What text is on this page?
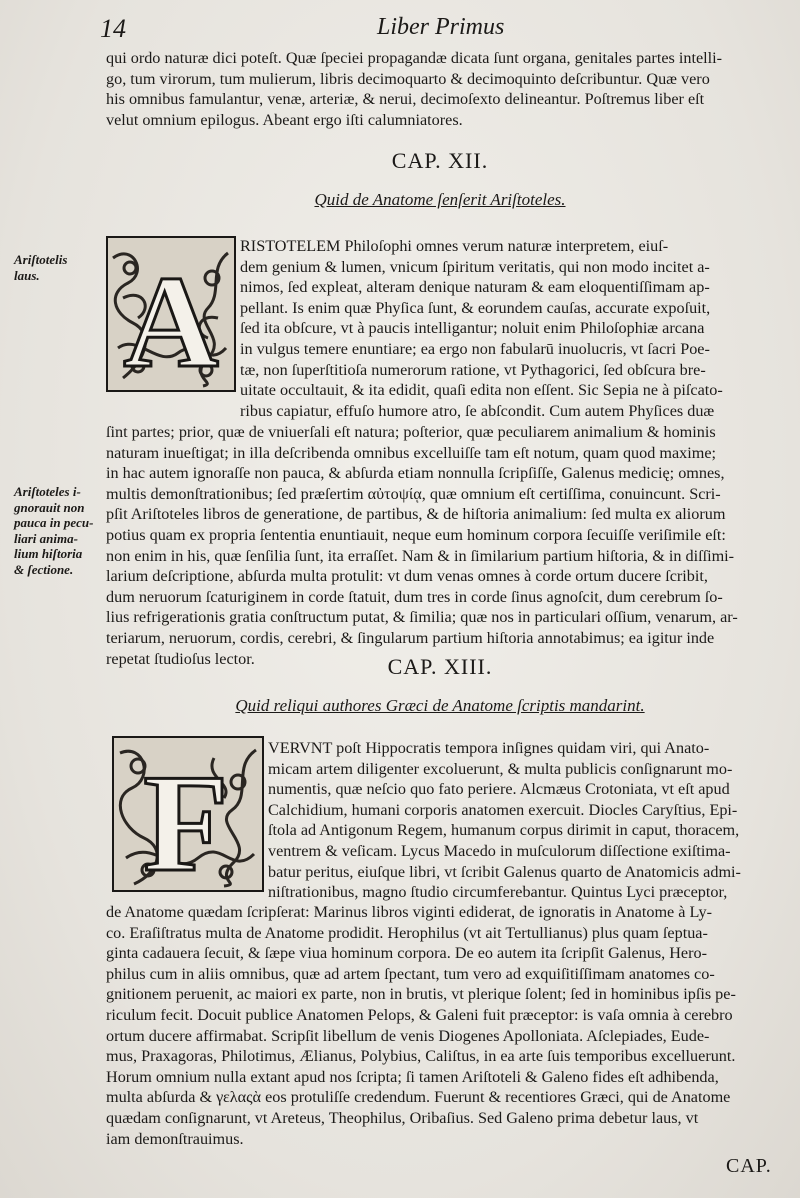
14	Liber Primus
qui ordo naturæ dici poteſt. Quæ ſpeciei propagandæ dicata ſunt organa, genitales partes intelli-
go, tum virorum, tum mulierum, libris decimoquarto & decimoquinto deſcribuntur. Quæ vero
his omnibus famulantur, venæ, arteriæ, & nerui, decimoſexto delineantur. Poſtremus liber eſt
velut omnium epilogus. Abeant ergo iſti calumniatores.
CAP. XII.
Quid de Anatome ſenſerit Ariſtoteles.
Ariſtotelis
laus. A
RISTOTELEM Philoſophi omnes verum naturæ interpretem, eiuſ-
dem genium & lumen, vnicum ſpiritum veritatis, qui non modo incitet a-
nimos, ſed expleat, alteram denique naturam & eam eloquentiſſimam ap-
pellant. Is enim quæ Phyſica ſunt, & eorundem cauſas, accurate expoſuit,
ſed ita obſcure, vt à paucis intelligantur; noluit enim Philoſophiæ arcana
in vulgus temere enuntiare; ea ergo non fabularū inuolucris, vt ſacri Poe-
tæ, non ſuperſtitioſa numerorum ratione, vt Pythagorici, ſed obſcura bre-
uitate occultauit, & ita edidit, quaſi edita non eſſent. Sic Sepia ne à piſcato-
ribus capiatur, effuſo humore atro, ſe abſcondit. Cum autem Phyſices duæ
ſint partes; prior, quæ de vniuerſali eſt natura; poſterior, quæ peculiarem animalium & hominis
naturam inueſtigat; in illa deſcribenda omnibus excelluiſſe tam eſt notum, quam quod maxime;
in hac autem ignoraſſe non pauca, & abſurda etiam nonnulla ſcripſiſſe, Galenus medicię; omnes,
multis demonſtrationibus; ſed præſertim αὐτοψίᾳ, quæ omnium eſt certiſſima, conuincunt. Scri-
pſit Ariſtoteles libros de generatione, de partibus, & de hiſtoria animalium: ſed multa ex aliorum
potius quam ex propria ſententia enuntiauit, neque eum hominum corpora ſecuiſſe veriſimile eſt:
non enim in his, quæ ſenſilia ſunt, ita erraſſet. Nam & in ſimilarium partium hiſtoria, & in diſſimi-
larium deſcriptione, abſurda multa protulit: vt dum venas omnes à corde ortum ducere ſcribit,
dum neruorum ſcaturiginem in corde ſtatuit, dum tres in corde ſinus agnoſcit, dum cerebrum ſo-
lius refrigerationis gratia conſtructum putat, & ſimilia; quæ nos in particulari oſſium, venarum, ar-
teriarum, neruorum, cordis, cerebri, & ſingularum partium hiſtoria annotabimus; ea igitur inde
repetat ſtudioſus lector.
Ariſtoteles i-
gnorauit non
pauca in pecu-
liari anima-
lium hiſtoria
& ſectione.
CAP. XIII.
Quid reliqui authores Græci de Anatome ſcriptis mandarint.
F VERVNT poſt Hippocratis tempora inſignes quidam viri, qui Anato-
micam artem diligenter excoluerunt, & multa publicis conſignarunt mo-
numentis, quæ neſcio quo fato periere. Alcmæus Crotoniata, vt eſt apud
Calchidium, humani corporis anatomen exercuit. Diocles Caryſtius, Epi-
ſtola ad Antigonum Regem, humanum corpus dirimit in caput, thoracem,
ventrem & veſicam. Lycus Macedo in muſculorum diſſectione exiſtima-
batur peritus, eiuſque libri, vt ſcribit Galenus quarto de Anatomicis admi-
niſtrationibus, magno ſtudio circumferebantur. Quintus Lyci præceptor,
de Anatome quædam ſcripſerat: Marinus libros viginti ediderat, de ignoratis in Anatome à Ly-
co. Eraſiſtratus multa de Anatome prodidit. Herophilus (vt ait Tertullianus) plus quam ſeptua-
ginta cadauera ſecuit, & ſæpe viua hominum corpora. De eo autem ita ſcripſit Galenus, Hero-
philus cum in aliis omnibus, quæ ad artem ſpectant, tum vero ad exquiſitiſſimam anatomes co-
gnitionem peruenit, ac maiori ex parte, non in brutis, vt plerique ſolent; ſed in hominibus ipſis pe-
riculum fecit. Docuit publice Anatomen Pelops, & Galeni fuit præceptor: is vaſa omnia à cerebro
ortum ducere affirmabat. Scripſit libellum de venis Diogenes Apolloniata. Aſclepiades, Eude-
mus, Praxagoras, Philotimus, Ælianus, Polybius, Caliſtus, in ea arte ſuis temporibus excelluerunt.
Horum omnium nulla extant apud nos ſcripta; ſi tamen Ariſtoteli & Galeno fides eſt adhibenda,
multa abſurda & γελαςὰ eos protuliſſe credendum. Fuerunt & recentiores Græci, qui de Anatome
quædam conſignarunt, vt Areteus, Theophilus, Oribaſius. Sed Galeno prima debetur laus, vt
iam demonſtrauimus.
CAP.
